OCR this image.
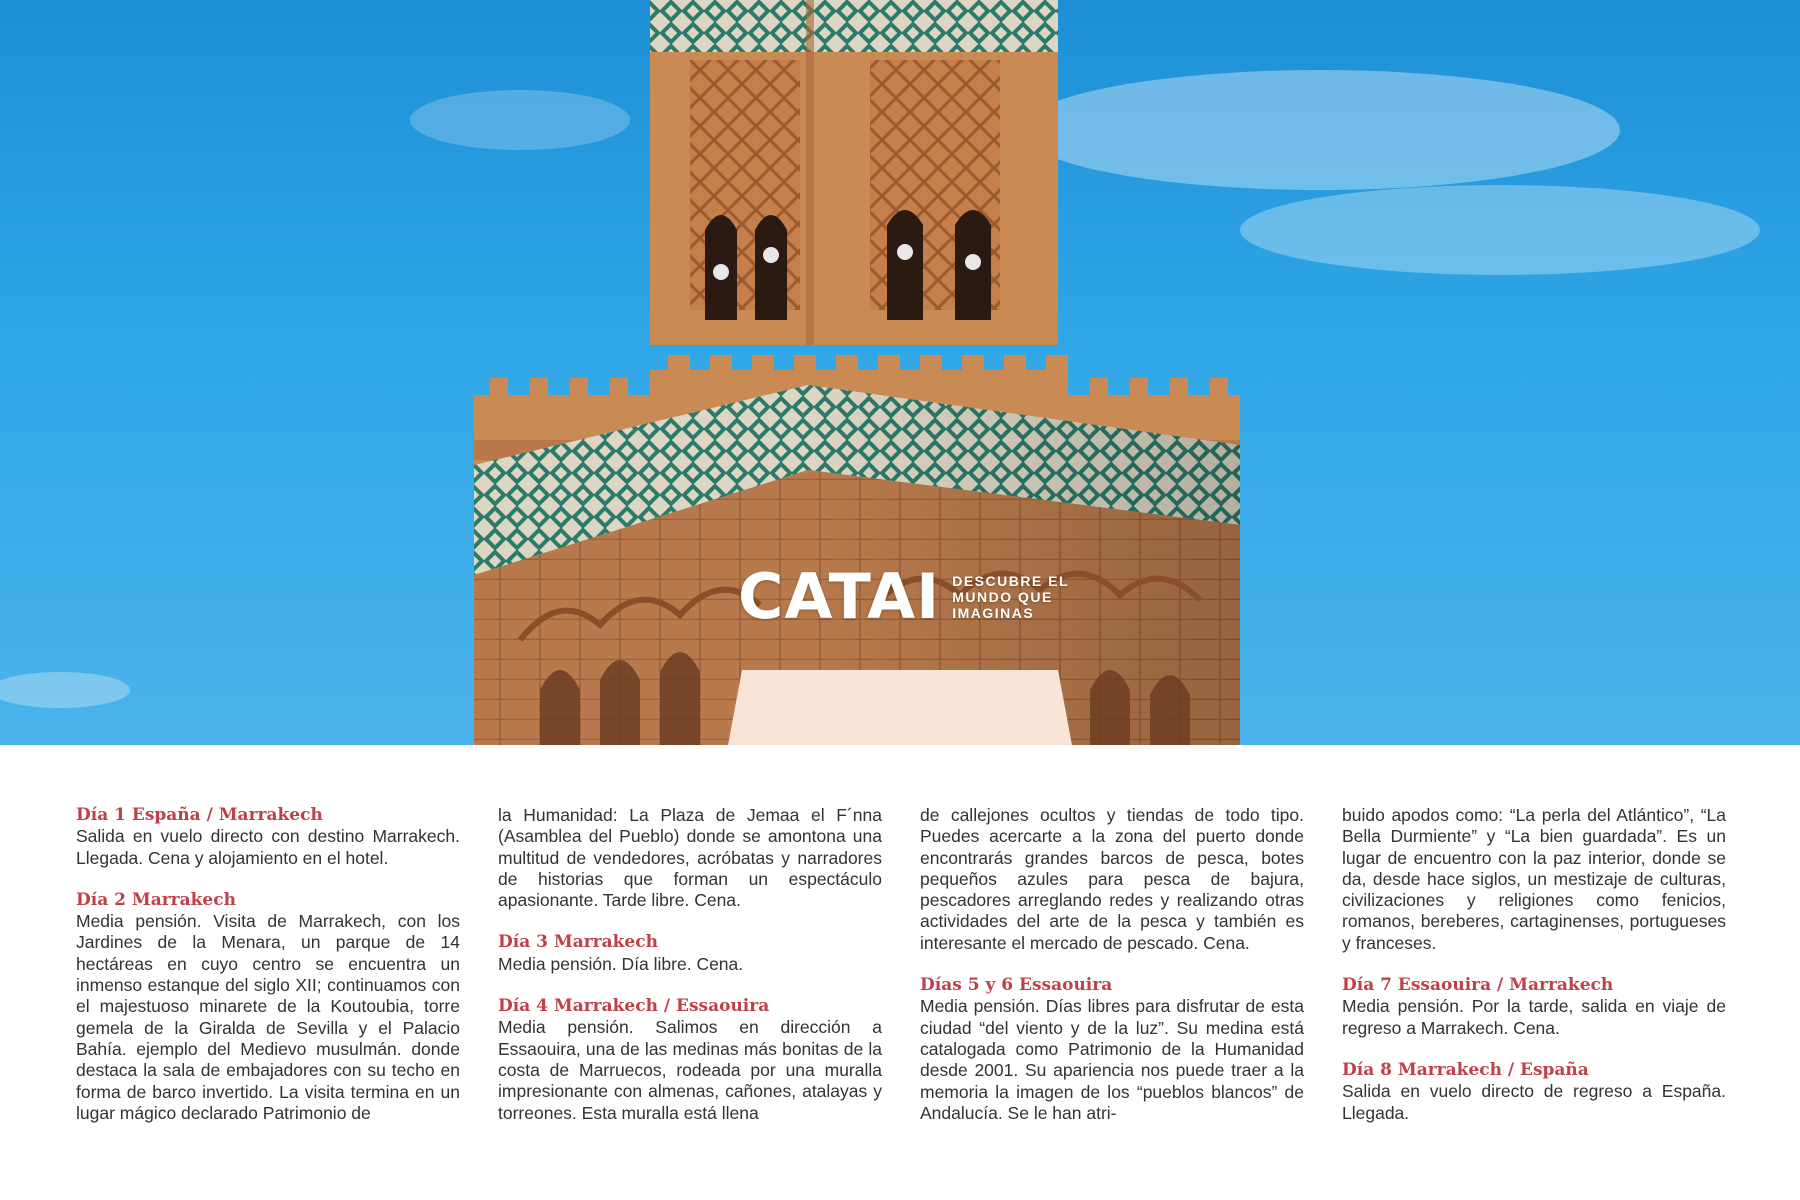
CATAI DESCUBRE EL MUNDO QUE IMAGINAS

Día 1 España / Marrakech
Salida en vuelo directo con destino Marrakech. Llegada. Cena y alojamiento en el hotel.

Día 2 Marrakech
Media pensión. Visita de Marrakech, con los Jardines de la Menara, un parque de 14 hectáreas en cuyo centro se encuentra un inmenso estanque del siglo XII; continuamos con el majestuoso minarete de la Koutoubia, torre gemela de la Giralda de Sevilla y el Palacio Bahía. ejemplo del Medievo musulmán. donde destaca la sala de embajadores con su techo en forma de barco invertido. La visita termina en un lugar mágico declarado Patrimonio de

la Humanidad: La Plaza de Jemaa el F´nna (Asamblea del Pueblo) donde se amontona una multitud de vendedores, acróbatas y narradores de historias que forman un espectáculo apasionante. Tarde libre. Cena.

Día 3 Marrakech
Media pensión. Día libre. Cena.

Día 4 Marrakech / Essaouira
Media pensión. Salimos en dirección a Essaouira, una de las medinas más bonitas de la costa de Marruecos, rodeada por una muralla impresionante con almenas, cañones, atalayas y torreones. Esta muralla está llena

de callejones ocultos y tiendas de todo tipo. Puedes acercarte a la zona del puerto donde encontrarás grandes barcos de pesca, botes pequeños azules para pesca de bajura, pescadores arreglando redes y realizando otras actividades del arte de la pesca y también es interesante el mercado de pescado. Cena.

Días 5 y 6 Essaouira
Media pensión. Días libres para disfrutar de esta ciudad “del viento y de la luz”. Su medina está catalogada como Patrimonio de la Humanidad desde 2001. Su apariencia nos puede traer a la memoria la imagen de los “pueblos blancos” de Andalucía. Se le han atri-

buido apodos como: “La perla del Atlántico”, “La Bella Durmiente” y “La bien guardada”. Es un lugar de encuentro con la paz interior, donde se da, desde hace siglos, un mestizaje de culturas, civilizaciones y religiones como fenicios, romanos, bereberes, cartaginenses, portugueses y franceses.

Día 7 Essaouira / Marrakech
Media pensión. Por la tarde, salida en viaje de regreso a Marrakech. Cena.

Día 8 Marrakech / España
Salida en vuelo directo de regreso a España. Llegada.
